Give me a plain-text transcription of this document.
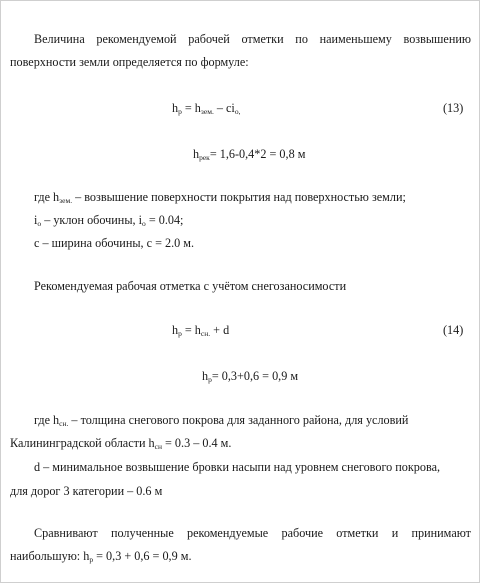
Величина рекомендуемой рабочей отметки по наименьшему возвышению
поверхности земли определяется по формуле:
$h_р = h_{зем.} - ci_{о,}$	(13)
$h_{рек}= 1,6-0,4*2 = 0,8$ м
где $h_{зем.}$ – возвышение поверхности покрытия над поверхностью земли;
$i_о$ – уклон обочины, $i_о = 0.04$;
с – ширина обочины, с = 2.0 м.
Рекомендуемая рабочая отметка с учётом снегозаносимости
$h_р = h_{сн.} + d$	(14)
$h_р= 0,3+0,6 = 0,9$ м
где $h_{сн.}$ – толщина снегового покрова для заданного района, для условий
Калининградской области $h_{сн} = 0.3 - 0.4$ м.
d – минимальное возвышение бровки насыпи над уровнем снегового покрова,
для дорог 3 категории – 0.6 м
Сравнивают полученные рекомендуемые рабочие отметки и принимают
наибольшую: $h_р = 0,3 + 0,6 = 0,9$ м.
